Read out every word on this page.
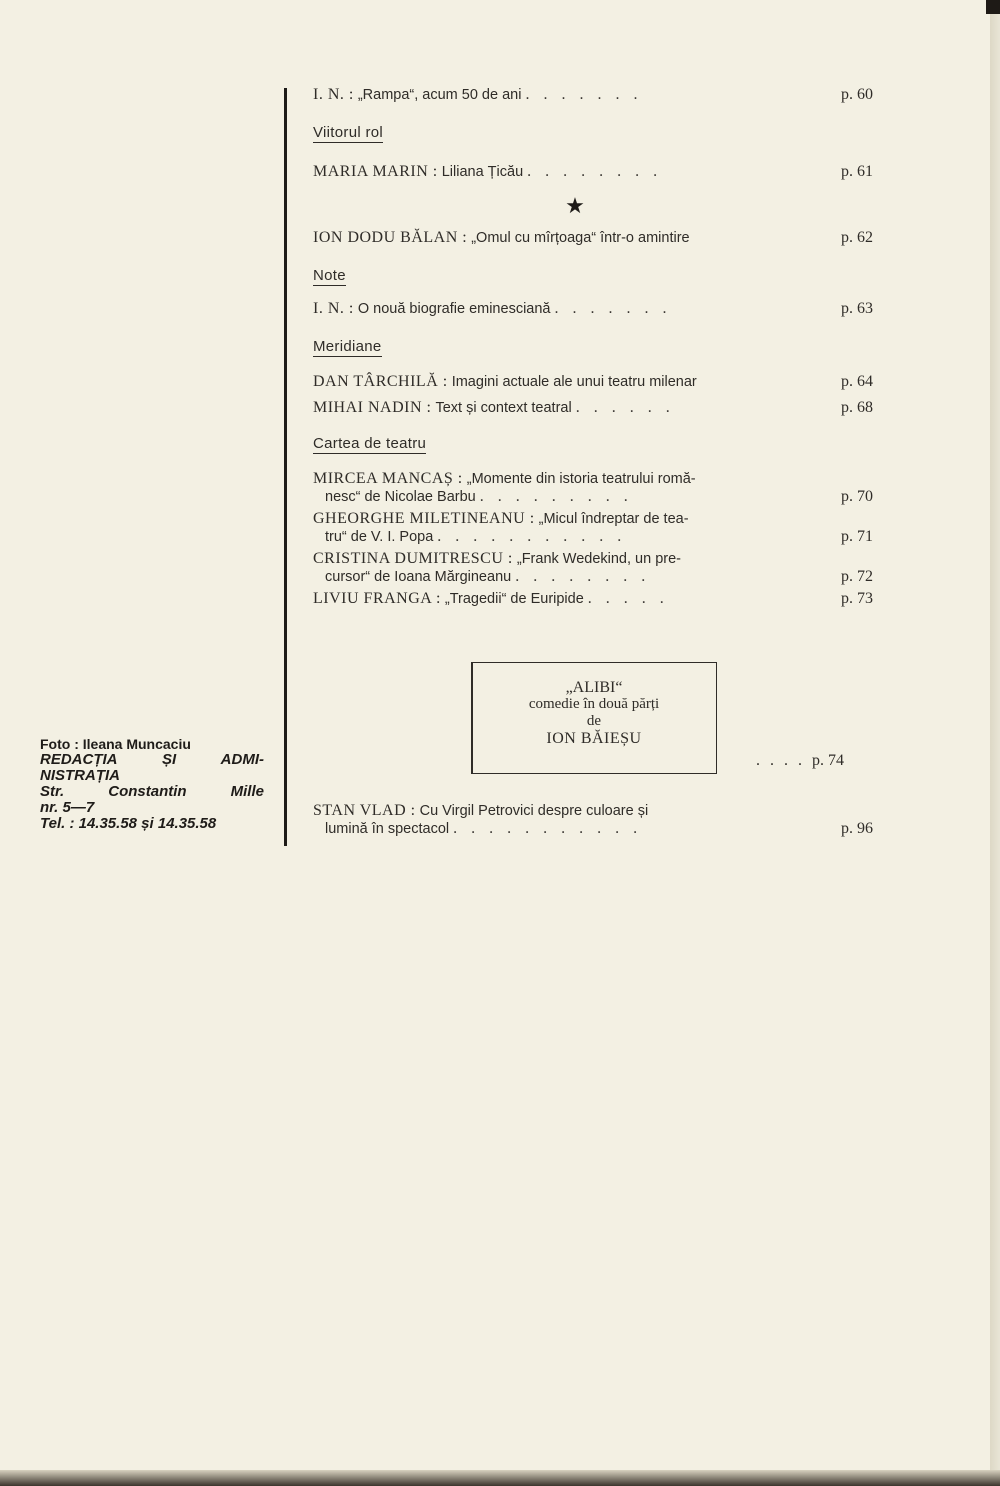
Foto : Ileana Muncaciu
REDACȚIA	ȘI	ADMI-
NISTRAȚIA
Str.	Constantin	Mille
nr. 5—7
Tel. : 14.35.58 și 14.35.58
I. N. : „Rampa“, acum 50 de ani . . . . . . .	p. 60
Viitorul rol
MARIA MARIN : Liliana Țicău . . . . . . . .	p. 61
★
ION DODU BĂLAN : „Omul cu mîrțoaga“ într-o amintire	p. 62
Note
I. N. : O nouă biografie eminesciană . . . . . . .	p. 63
Meridiane
DAN TÂRCHILĂ : Imagini actuale ale unui teatru milenar	p. 64
MIHAI NADIN : Text și context teatral . . . . . .	p. 68
Cartea de teatru
MIRCEA MANCAȘ : „Momente din istoria teatrului romă-
nesc“ de Nicolae Barbu . . . . . . . . .	p. 70
GHEORGHE MILETINEANU : „Micul îndreptar de tea-
tru“ de V. I. Popa . . . . . . . . . . .	p. 71
CRISTINA DUMITRESCU : „Frank Wedekind, un pre-
cursor“ de Ioana Mărgineanu . . . . . . . .	p. 72
LIVIU FRANGA : „Tragedii“ de Euripide . . . . .	p. 73
„ALIBI“
comedie în două părți
de
ION BĂIEȘU
. . . . p. 74
STAN VLAD : Cu Virgil Petrovici despre culoare și
lumină în spectacol . . . . . . . . . . .	p. 96
